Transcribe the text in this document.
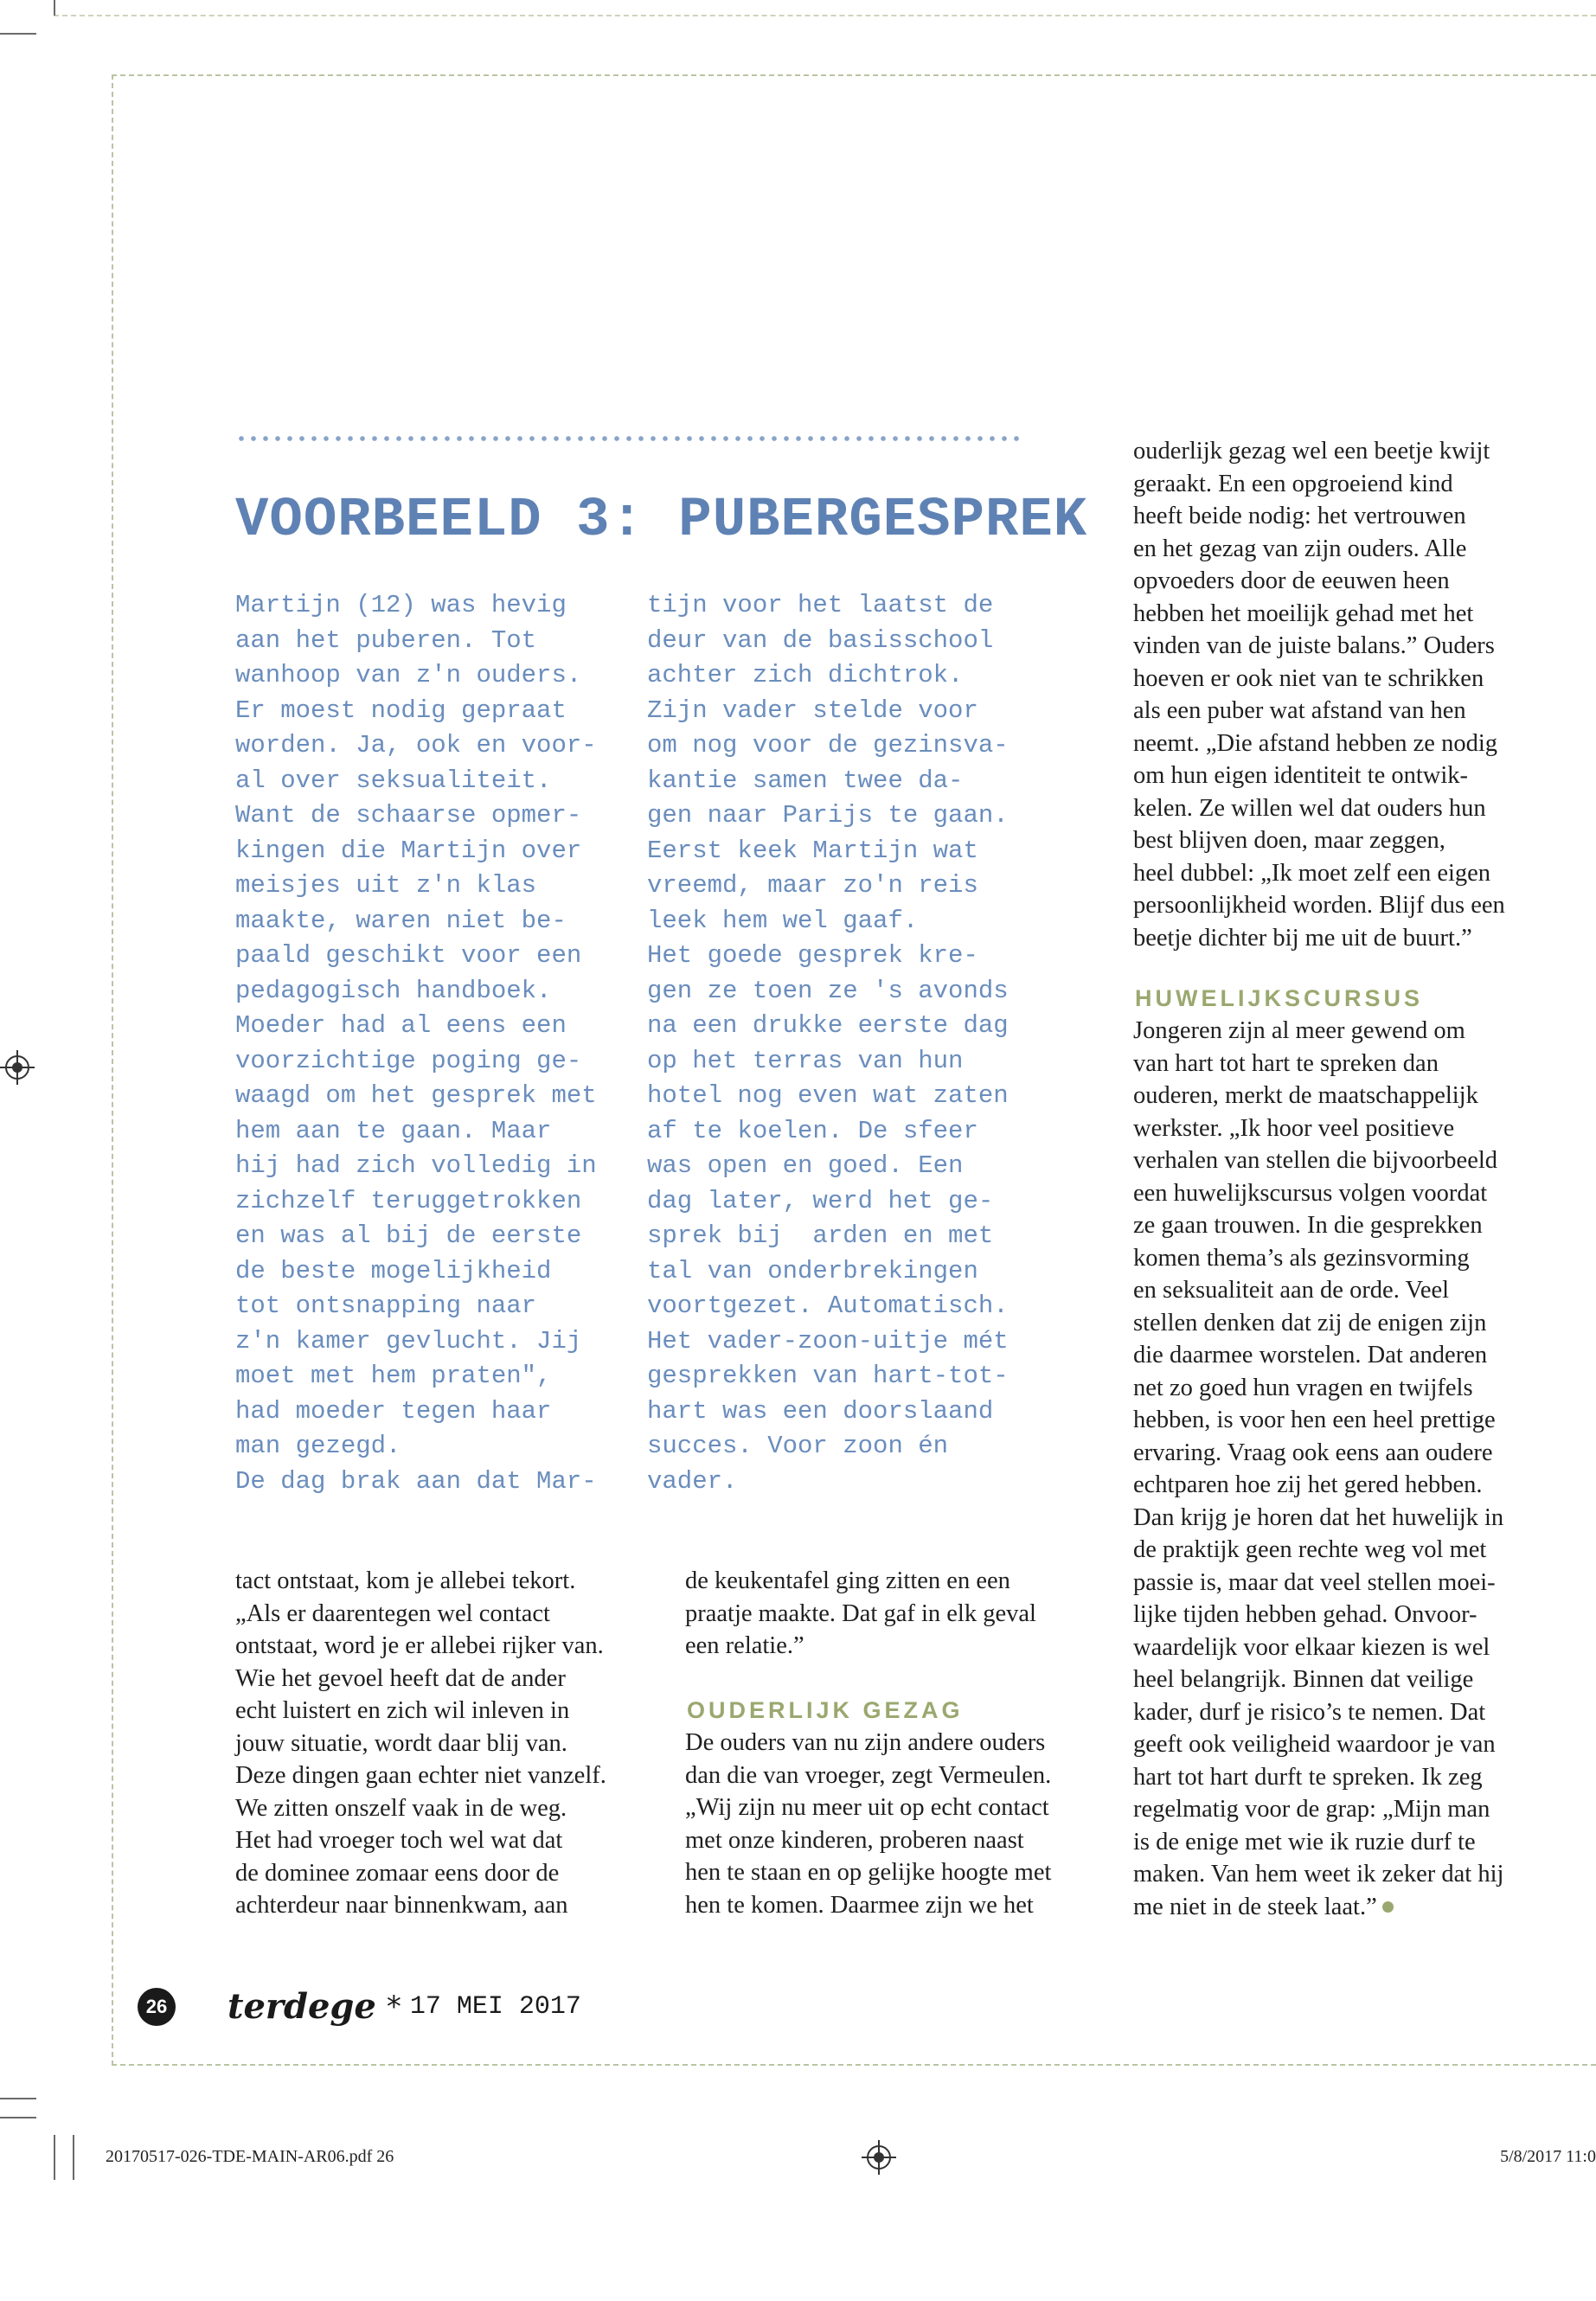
VOORBEELD 3: PUBERGESPREK

Martijn (12) was hevig
aan het puberen. Tot
wanhoop van z'n ouders.
Er moest nodig gepraat
worden. Ja, ook en voor-
al over seksualiteit.
Want de schaarse opmer-
kingen die Martijn over
meisjes uit z'n klas
maakte, waren niet be-
paald geschikt voor een
pedagogisch handboek.
Moeder had al eens een
voorzichtige poging ge-
waagd om het gesprek met
hem aan te gaan. Maar
hij had zich volledig in
zichzelf teruggetrokken
en was al bij de eerste
de beste mogelijkheid
tot ontsnapping naar
z'n kamer gevlucht. Jij
moet met hem praten",
had moeder tegen haar
man gezegd.
De dag brak aan dat Mar-

tijn voor het laatst de
deur van de basisschool
achter zich dichtrok.
Zijn vader stelde voor
om nog voor de gezinsva-
kantie samen twee da-
gen naar Parijs te gaan.
Eerst keek Martijn wat
vreemd, maar zo'n reis
leek hem wel gaaf.
Het goede gesprek kre-
gen ze toen ze 's avonds
na een drukke eerste dag
op het terras van hun
hotel nog even wat zaten
af te koelen. De sfeer
was open en goed. Een
dag later, werd het ge-
sprek bij  arden en met
tal van onderbrekingen
voortgezet. Automatisch.
Het vader-zoon-uitje mét
gesprekken van hart-tot-
hart was een doorslaand
succes. Voor zoon én
vader.

tact ontstaat, kom je allebei tekort.
„Als er daarentegen wel contact
ontstaat, word je er allebei rijker van.
Wie het gevoel heeft dat de ander
echt luistert en zich wil inleven in
jouw situatie, wordt daar blij van.
Deze dingen gaan echter niet vanzelf.
We zitten onszelf vaak in de weg.
Het had vroeger toch wel wat dat
de dominee zomaar eens door de
achterdeur naar binnenkwam, aan

de keukentafel ging zitten en een
praatje maakte. Dat gaf in elk geval
een relatie.”

OUDERLIJK GEZAG

De ouders van nu zijn andere ouders
dan die van vroeger, zegt Vermeulen.
„Wij zijn nu meer uit op echt contact
met onze kinderen, proberen naast
hen te staan en op gelijke hoogte met
hen te komen. Daarmee zijn we het

ouderlijk gezag wel een beetje kwijt
geraakt. En een opgroeiend kind
heeft beide nodig: het vertrouwen
en het gezag van zijn ouders. Alle
opvoeders door de eeuwen heen
hebben het moeilijk gehad met het
vinden van de juiste balans.” Ouders
hoeven er ook niet van te schrikken
als een puber wat afstand van hen
neemt. „Die afstand hebben ze nodig
om hun eigen identiteit te ontwik-
kelen. Ze willen wel dat ouders hun
best blijven doen, maar zeggen,
heel dubbel: „Ik moet zelf een eigen
persoonlijkheid worden. Blijf dus een
beetje dichter bij me uit de buurt.”

HUWELIJKSCURSUS

Jongeren zijn al meer gewend om
van hart tot hart te spreken dan
ouderen, merkt de maatschappelijk
werkster. „Ik hoor veel positieve
verhalen van stellen die bijvoorbeeld
een huwelijkscursus volgen voordat
ze gaan trouwen. In die gesprekken
komen thema’s als gezinsvorming
en seksualiteit aan de orde. Veel
stellen denken dat zij de enigen zijn
die daarmee worstelen. Dat anderen
net zo goed hun vragen en twijfels
hebben, is voor hen een heel prettige
ervaring. Vraag ook eens aan oudere
echtparen hoe zij het gered hebben.
Dan krijg je horen dat het huwelijk in
de praktijk geen rechte weg vol met
passie is, maar dat veel stellen moei-
lijke tijden hebben gehad. Onvoor-
waardelijk voor elkaar kiezen is wel
heel belangrijk. Binnen dat veilige
kader, durf je risico’s te nemen. Dat
geeft ook veiligheid waardoor je van
hart tot hart durft te spreken. Ik zeg
regelmatig voor de grap: „Mijn man
is de enige met wie ik ruzie durf te
maken. Van hem weet ik zeker dat hij
me niet in de steek laat.”

26 terdege * 17 MEI 2017
20170517-026-TDE-MAIN-AR06.pdf 26	5/8/2017 11:0
